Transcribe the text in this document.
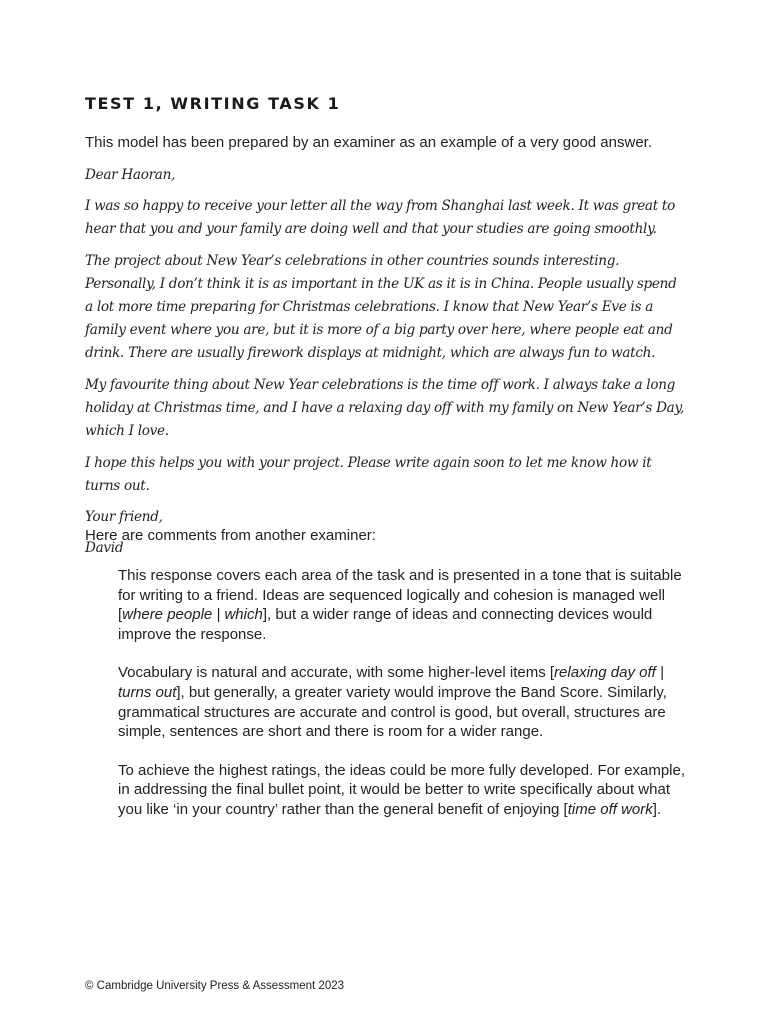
TEST 1, WRITING TASK 1
This model has been prepared by an examiner as an example of a very good answer.

Dear Haoran,

I was so happy to receive your letter all the way from Shanghai last week. It was great to hear that you and your family are doing well and that your studies are going smoothly.

The project about New Year’s celebrations in other countries sounds interesting. Personally, I don’t think it is as important in the UK as it is in China. People usually spend a lot more time preparing for Christmas celebrations. I know that New Year’s Eve is a family event where you are, but it is more of a big party over here, where people eat and drink. There are usually firework displays at midnight, which are always fun to watch.

My favourite thing about New Year celebrations is the time off work. I always take a long holiday at Christmas time, and I have a relaxing day off with my family on New Year’s Day, which I love.

I hope this helps you with your project. Please write again soon to let me know how it turns out.

Your friend,

David

Here are comments from another examiner:

This response covers each area of the task and is presented in a tone that is suitable for writing to a friend. Ideas are sequenced logically and cohesion is managed well [where people | which], but a wider range of ideas and connecting devices would improve the response.

Vocabulary is natural and accurate, with some higher-level items [relaxing day off | turns out], but generally, a greater variety would improve the Band Score. Similarly, grammatical structures are accurate and control is good, but overall, structures are simple, sentences are short and there is room for a wider range.

To achieve the highest ratings, the ideas could be more fully developed. For example, in addressing the final bullet point, it would be better to write specifically about what you like ‘in your country’ rather than the general benefit of enjoying [time off work].

© Cambridge University Press & Assessment 2023
